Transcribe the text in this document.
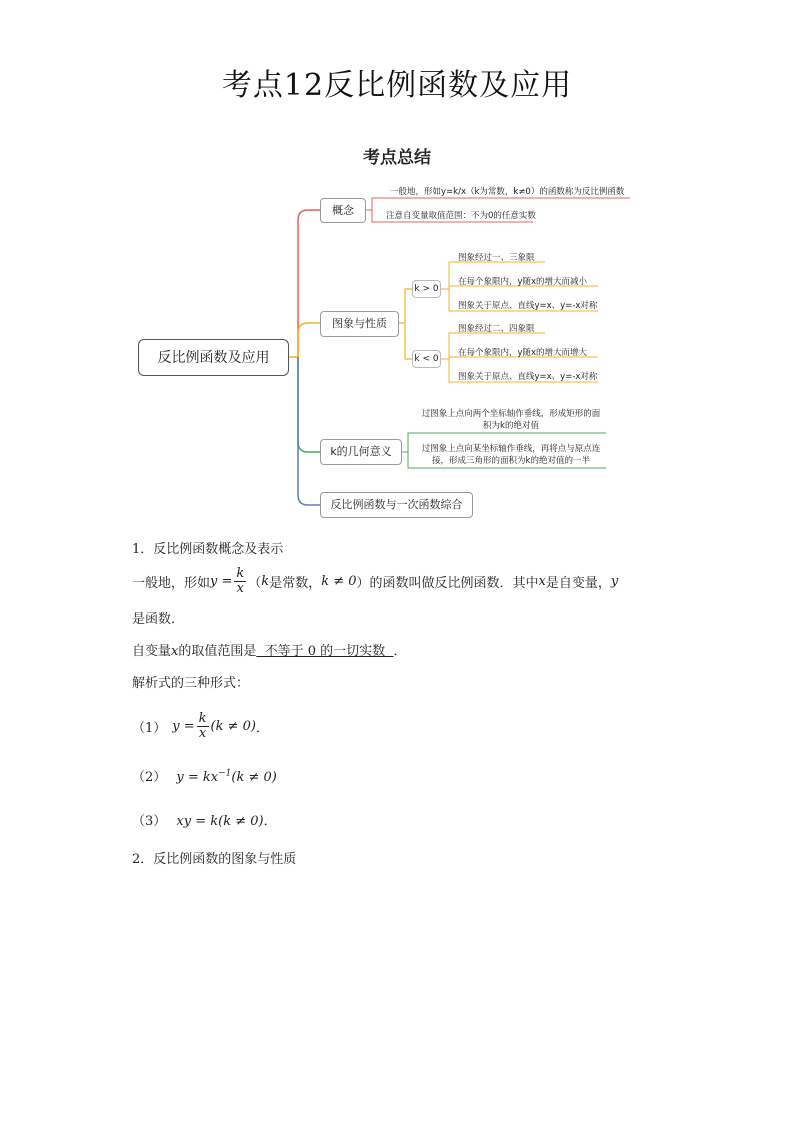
考点12反比例函数及应用
考点总结
反比例函数及应用
概念
一般地，形如y=k/x（k为常数，k≠0）的函数称为反比例函数
注意自变量取值范围：不为0的任意实数
图象与性质
k > 0
图象经过一、三象限
在每个象限内，y随x的增大而减小
图象关于原点、直线y=x、y=-x对称
k < 0
图象经过二、四象限
在每个象限内，y随x的增大而增大
图象关于原点、直线y=x、y=-x对称
k的几何意义
过图象上点向两个坐标轴作垂线，形成矩形的面积为k的绝对值
过图象上点向某坐标轴作垂线，再将点与原点连接，形成三角形的面积为k的绝对值的一半
反比例函数与一次函数综合
1．反比例函数概念及表示
一般地，形如 $y = \frac{k}{x}$ （ k 是常数， k ≠ 0 ）的函数叫做反比例函数．其中 x 是自变量， y
是函数．
自变量x的取值范围是  不等于 0 的一切实数  ．
解析式的三种形式：
（1） $y = \frac{k}{x} (k \ne 0)$ ．
（2） $y = kx^{-1}(k \ne 0)$
（3） xy = k(k ≠ 0)．
2．反比例函数的图象与性质
